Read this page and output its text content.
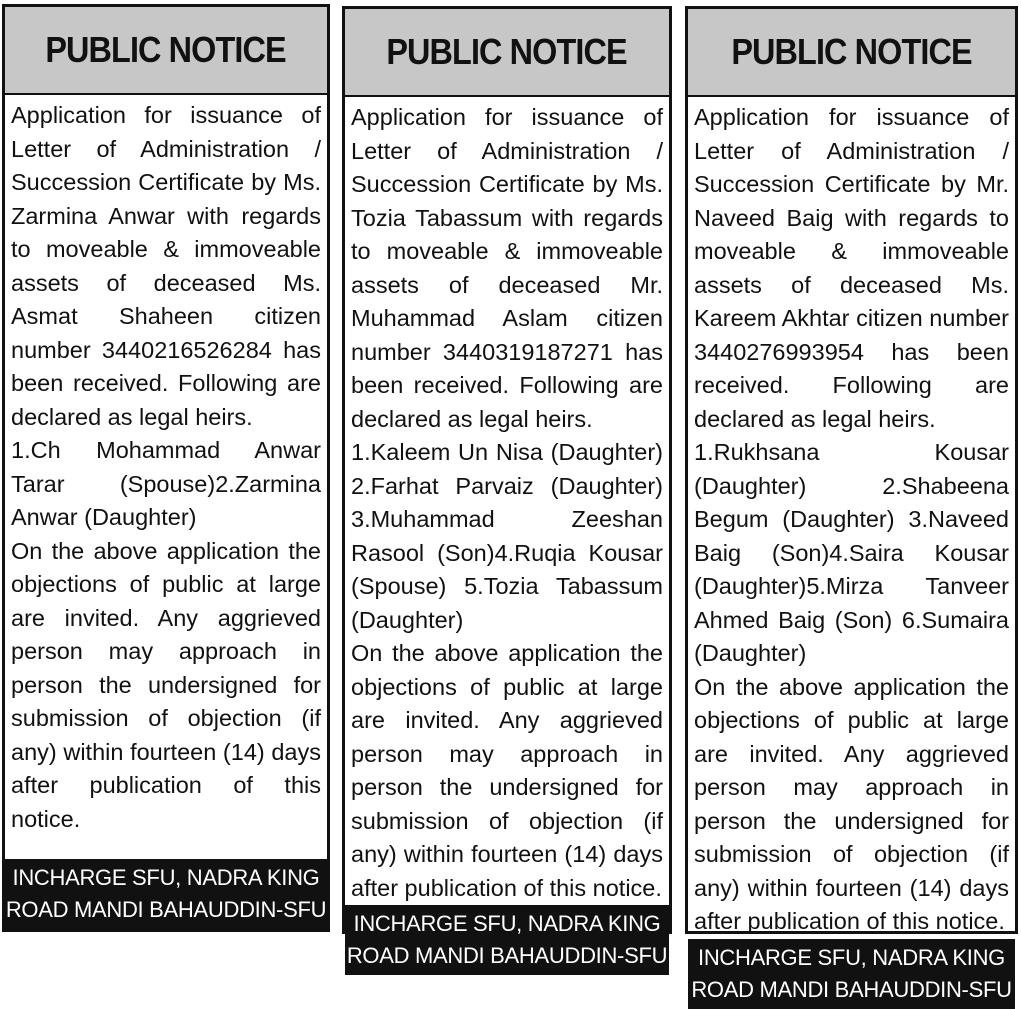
PUBLIC NOTICE

Application for issuance of Letter of Administration / Succession Certificate by Ms. Zarmina Anwar with regards to moveable & immoveable assets of deceased Ms. Asmat Shaheen citizen number 3440216526284 has been received. Following are declared as legal heirs.

1.Ch Mohammad Anwar Tarar (Spouse)2.Zarmina Anwar (Daughter)

On the above application the objections of public at large are invited. Any aggrieved person may approach in person the undersigned for submission of objection (if any) within fourteen (14) days after publication of this notice.

INCHARGE SFU, NADRA KING
ROAD MANDI BAHAUDDIN-SFU
PUBLIC NOTICE

Application for issuance of Letter of Administration / Succession Certificate by Ms. Tozia Tabassum with regards to moveable & immoveable assets of deceased Mr. Muhammad Aslam citizen number 3440319187271 has been received. Following are declared as legal heirs.

1.Kaleem Un Nisa (Daughter) 2.Farhat Parvaiz (Daughter) 3.Muhammad Zeeshan Rasool (Son)4.Ruqia Kousar (Spouse) 5.Tozia Tabassum (Daughter)

On the above application the objections of public at large are invited. Any aggrieved person may approach in person the undersigned for submission of objection (if any) within fourteen (14) days after publication of this notice.

INCHARGE SFU, NADRA KING
ROAD MANDI BAHAUDDIN-SFU
PUBLIC NOTICE

Application for issuance of Letter of Administration / Succession Certificate by Mr. Naveed Baig with regards to moveable & immoveable assets of deceased Ms. Kareem Akhtar citizen number 3440276993954 has been received. Following are declared as legal heirs.

1.Rukhsana Kousar (Daughter) 2.Shabeena Begum (Daughter) 3.Naveed Baig (Son)4.Saira Kousar (Daughter)5.Mirza Tanveer Ahmed Baig (Son) 6.Sumaira (Daughter)

On the above application the objections of public at large are invited. Any aggrieved person may approach in person the undersigned for submission of objection (if any) within fourteen (14) days after publication of this notice.

INCHARGE SFU, NADRA KING
ROAD MANDI BAHAUDDIN-SFU
